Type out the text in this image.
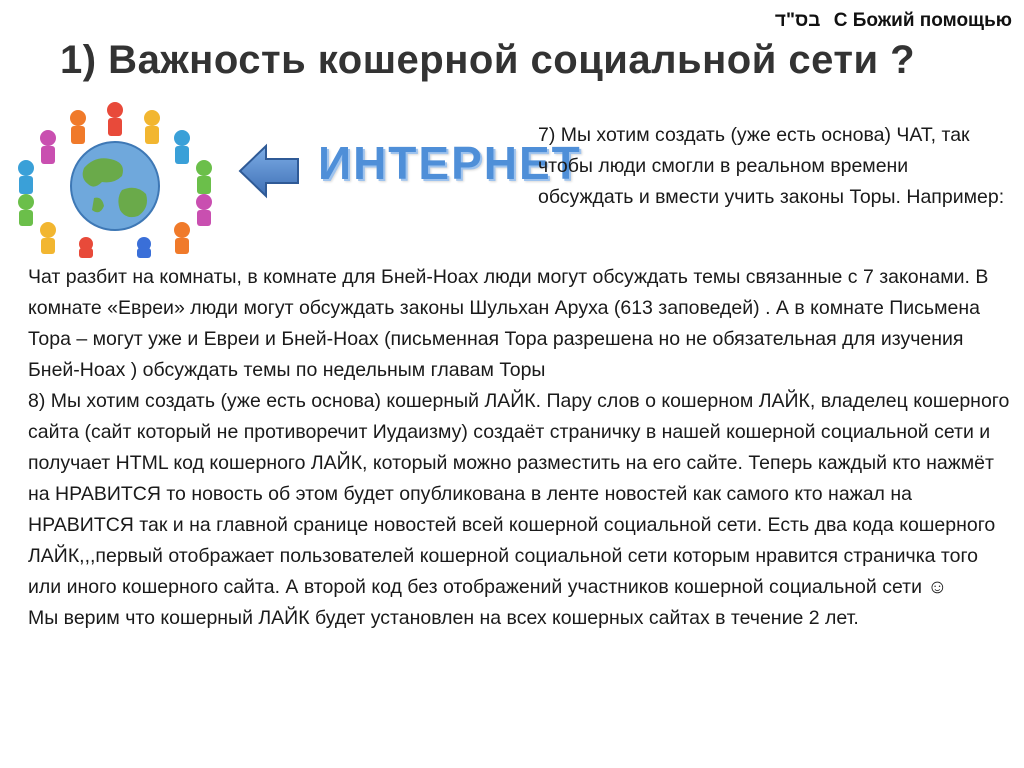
בס"ד С Божий помощью
1) Важность кошерной социальной сети ?
ИНТЕРНЕТ

7) Мы хотим создать (уже есть основа) ЧАТ, так чтобы люди смогли в реальном времени обсуждать и вмести учить законы Торы. Например:

Чат разбит на комнаты, в комнате для Бней-Ноах люди могут обсуждать темы связанные с 7 законами. В комнате «Евреи» люди могут обсуждать законы Шульхан Аруха (613 заповедей) . А в комнате Письмена Тора – могут уже и Евреи и Бней-Ноах (письменная Тора разрешена но не обязательная для изучения Бней-Ноах ) обсуждать темы по недельным главам Торы

8) Мы хотим создать (уже есть основа) кошерный ЛАЙК. Пару слов о кошерном ЛАЙК, владелец кошерного сайта (сайт который не противоречит Иудаизму) создаёт страничку в нашей кошерной социальной сети и получает HTML код кошерного ЛАЙК, который можно разместить на его сайте. Теперь каждый кто нажмёт на НРАВИТСЯ то новость об этом будет опубликована в ленте новостей как самого кто нажал на НРАВИТСЯ так и на главной сранице новостей всей кошерной социальной сети. Есть два кода кошерного ЛАЙК,,,первый отображает пользователей кошерной социальной сети которым нравится страничка того или иного кошерного сайта. А второй код без отображений участников кошерной социальной сети ☺

Мы верим что кошерный ЛАЙК будет установлен на всех кошерных сайтах в течение 2 лет.
